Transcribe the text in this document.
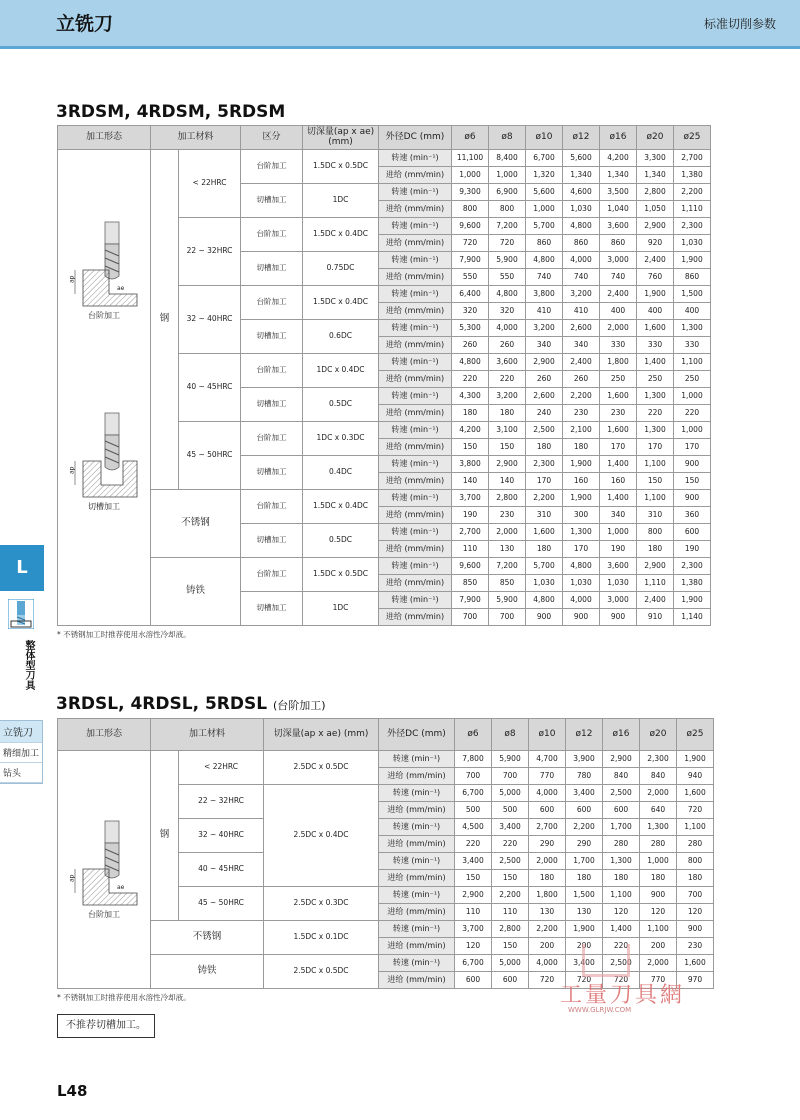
立铣刀	标准切削参数
3RDSM, 4RDSM, 5RDSM
加工形态	加工材料		区分	切深量(ap x ae)(mm)	外径DC (mm)	ø6	ø8	ø10	ø12	ø16	ø20	ø25

ap
ae
台阶加工
ap
切槽加工	钢	< 22HRC	台阶加工	1.5DC x 0.5DC	转速 (min⁻¹)	11,100	8,400	6,700	5,600	4,200	3,300	2,700
					进给 (mm/min)	1,000	1,000	1,320	1,340	1,340	1,340	1,380
			切槽加工	1DC	转速 (min⁻¹)	9,300	6,900	5,600	4,600	3,500	2,800	2,200
					进给 (mm/min)	800	800	1,000	1,030	1,040	1,050	1,110
		22 ~ 32HRC	台阶加工	1.5DC x 0.4DC	转速 (min⁻¹)	9,600	7,200	5,700	4,800	3,600	2,900	2,300
					进给 (mm/min)	720	720	860	860	860	920	1,030
			切槽加工	0.75DC	转速 (min⁻¹)	7,900	5,900	4,800	4,000	3,000	2,400	1,900
					进给 (mm/min)	550	550	740	740	740	760	860
		32 ~ 40HRC	台阶加工	1.5DC x 0.4DC	转速 (min⁻¹)	6,400	4,800	3,800	3,200	2,400	1,900	1,500
					进给 (mm/min)	320	320	410	410	400	400	400
			切槽加工	0.6DC	转速 (min⁻¹)	5,300	4,000	3,200	2,600	2,000	1,600	1,300
					进给 (mm/min)	260	260	340	340	330	330	330
		40 ~ 45HRC	台阶加工	1DC x 0.4DC	转速 (min⁻¹)	4,800	3,600	2,900	2,400	1,800	1,400	1,100
					进给 (mm/min)	220	220	260	260	250	250	250
			切槽加工	0.5DC	转速 (min⁻¹)	4,300	3,200	2,600	2,200	1,600	1,300	1,000
					进给 (mm/min)	180	180	240	230	230	220	220
		45 ~ 50HRC	台阶加工	1DC x 0.3DC	转速 (min⁻¹)	4,200	3,100	2,500	2,100	1,600	1,300	1,000
					进给 (mm/min)	150	150	180	180	170	170	170
			切槽加工	0.4DC	转速 (min⁻¹)	3,800	2,900	2,300	1,900	1,400	1,100	900
					进给 (mm/min)	140	140	170	160	160	150	150
	不锈钢		台阶加工	1.5DC x 0.4DC	转速 (min⁻¹)	3,700	2,800	2,200	1,900	1,400	1,100	900
					进给 (mm/min)	190	230	310	300	340	310	360
			切槽加工	0.5DC	转速 (min⁻¹)	2,700	2,000	1,600	1,300	1,000	800	600
					进给 (mm/min)	110	130	180	170	190	180	190
	铸铁		台阶加工	1.5DC x 0.5DC	转速 (min⁻¹)	9,600	7,200	5,700	4,800	3,600	2,900	2,300
					进给 (mm/min)	850	850	1,030	1,030	1,030	1,110	1,380
			切槽加工	1DC	转速 (min⁻¹)	7,900	5,900	4,800	4,000	3,000	2,400	1,900
					进给 (mm/min)	700	700	900	900	900	910	1,140
* 不锈钢加工时推荐使用水溶性冷却液。
3RDSL, 4RDSL, 5RDSL (台阶加工)
加工形态	加工材料		切深量(ap x ae) (mm)	外径DC (mm)	ø6	ø8	ø10	ø12	ø16	ø20	ø25

ap
ae
台阶加工	钢	< 22HRC	2.5DC x 0.5DC	转速 (min⁻¹)	7,800	5,900	4,700	3,900	2,900	2,300	1,900
				进给 (mm/min)	700	700	770	780	840	840	940
		22 ~ 32HRC	2.5DC x 0.4DC	转速 (min⁻¹)	6,700	5,000	4,000	3,400	2,500	2,000	1,600
				进给 (mm/min)	500	500	600	600	600	640	720
		32 ~ 40HRC		转速 (min⁻¹)	4,500	3,400	2,700	2,200	1,700	1,300	1,100
				进给 (mm/min)	220	220	290	290	280	280	280
		40 ~ 45HRC		转速 (min⁻¹)	3,400	2,500	2,000	1,700	1,300	1,000	800
				进给 (mm/min)	150	150	180	180	180	180	180
		45 ~ 50HRC	2.5DC x 0.3DC	转速 (min⁻¹)	2,900	2,200	1,800	1,500	1,100	900	700
				进给 (mm/min)	110	110	130	130	120	120	120
	不锈钢		1.5DC x 0.1DC	转速 (min⁻¹)	3,700	2,800	2,200	1,900	1,400	1,100	900
				进给 (mm/min)	120	150	200	200	220	200	230
	铸铁		2.5DC x 0.5DC	转速 (min⁻¹)	6,700	5,000	4,000	3,400	2,500	2,000	1,600
				进给 (mm/min)	600	600	720	720	720	770	970
* 不锈钢加工时推荐使用水溶性冷却液。
不推荐切槽加工。
L
整体型刀具
立铣刀
精细加工
钻头
L48
工量刀具網
WWW.GLRJW.COM
